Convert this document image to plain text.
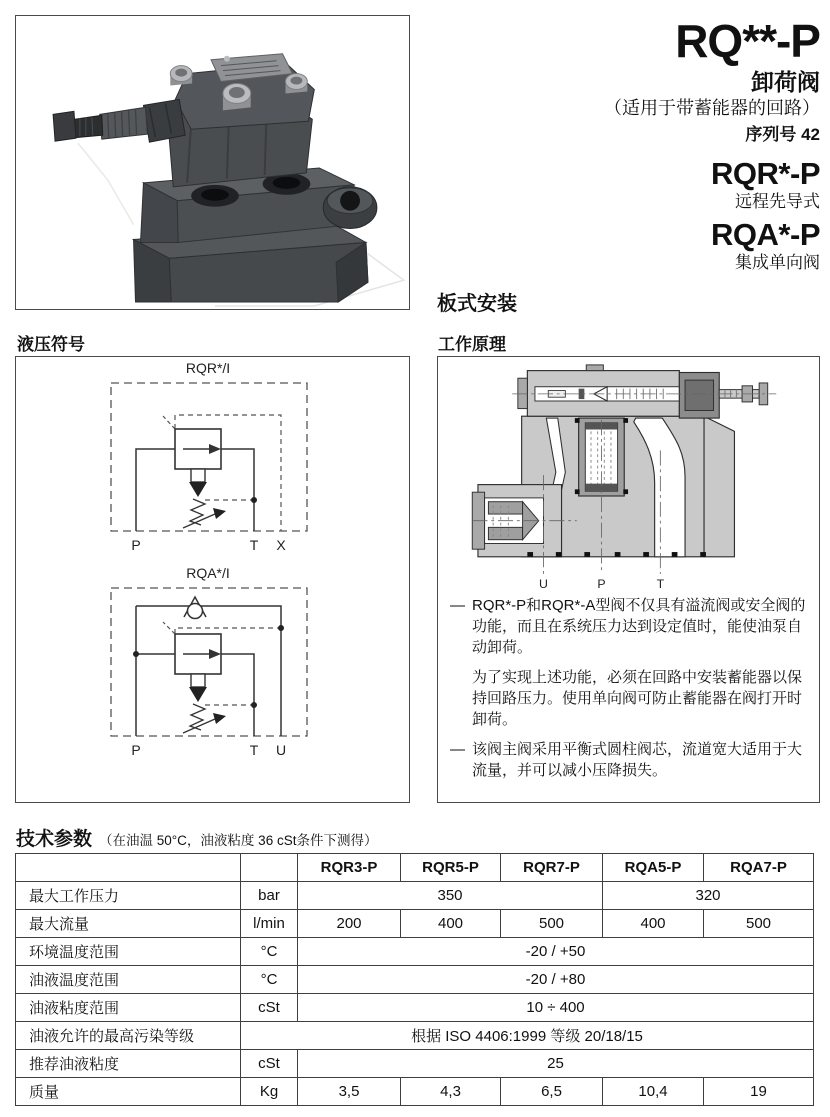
RQ**-P
卸荷阀
（适用于带蓄能器的回路）
序列号 42
RQR*-P
远程先导式
RQA*-P
集成单向阀
板式安装
液压符号
RQR*/I
P	T X
RQA*/I
P	T U
工作原理
U	P	T
— RQR*-P和RQR*-A型阀不仅具有溢流阀或安全阀的功能，而且在系统压力达到设定值时，能使油泵自动卸荷。
为了实现上述功能，必须在回路中安装蓄能器以保持回路压力。使用单向阀可防止蓄能器在阀打开时卸荷。
— 该阀主阀采用平衡式圆柱阀芯，流道宽大适用于大流量，并可以减小压降损失。
技术参数 （在油温 50°C，油液粘度 36 cSt条件下测得）
		RQR3-P	RQR5-P	RQR7-P	RQA5-P	RQA7-P
最大工作压力	bar	350			320	
最大流量	l/min	200	400	500	400	500
环境温度范围	°C	-20 / +50				
油液温度范围	°C	-20 / +80				
油液粘度范围	cSt	10 ÷ 400				
油液允许的最高污染等级	根据 ISO 4406:1999 等级 20/18/15					
推荐油液粘度	cSt	25				
质量	Kg	3,5	4,3	6,5	10,4	19
